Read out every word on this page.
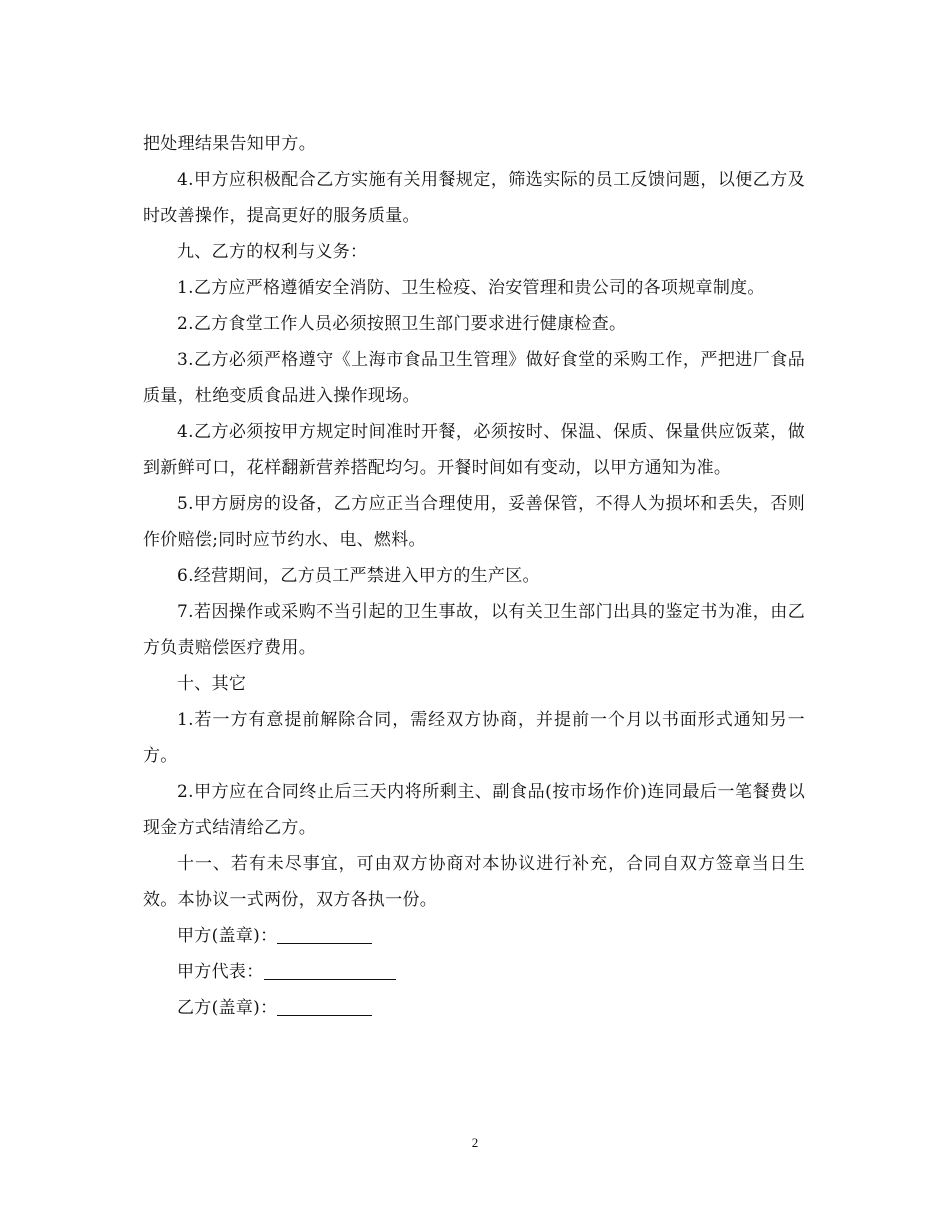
把处理结果告知甲方。

4.甲方应积极配合乙方实施有关用餐规定，筛选实际的员工反馈问题，以便乙方及时改善操作，提高更好的服务质量。

九、乙方的权利与义务：

1.乙方应严格遵循安全消防、卫生检疫、治安管理和贵公司的各项规章制度。

2.乙方食堂工作人员必须按照卫生部门要求进行健康检查。

3.乙方必须严格遵守《上海市食品卫生管理》做好食堂的采购工作，严把进厂食品质量，杜绝变质食品进入操作现场。

4.乙方必须按甲方规定时间准时开餐，必须按时、保温、保质、保量供应饭菜，做到新鲜可口，花样翻新营养搭配均匀。开餐时间如有变动，以甲方通知为准。

5.甲方厨房的设备，乙方应正当合理使用，妥善保管，不得人为损坏和丢失，否则作价赔偿;同时应节约水、电、燃料。

6.经营期间，乙方员工严禁进入甲方的生产区。

7.若因操作或采购不当引起的卫生事故，以有关卫生部门出具的鉴定书为准，由乙方负责赔偿医疗费用。

十、其它

1.若一方有意提前解除合同，需经双方协商，并提前一个月以书面形式通知另一方。

2.甲方应在合同终止后三天内将所剩主、副食品(按市场作价)连同最后一笔餐费以现金方式结清给乙方。

十一、若有未尽事宜，可由双方协商对本协议进行补充，合同自双方签章当日生效。本协议一式两份，双方各执一份。

甲方(盖章)：

甲方代表：

乙方(盖章)：

2
